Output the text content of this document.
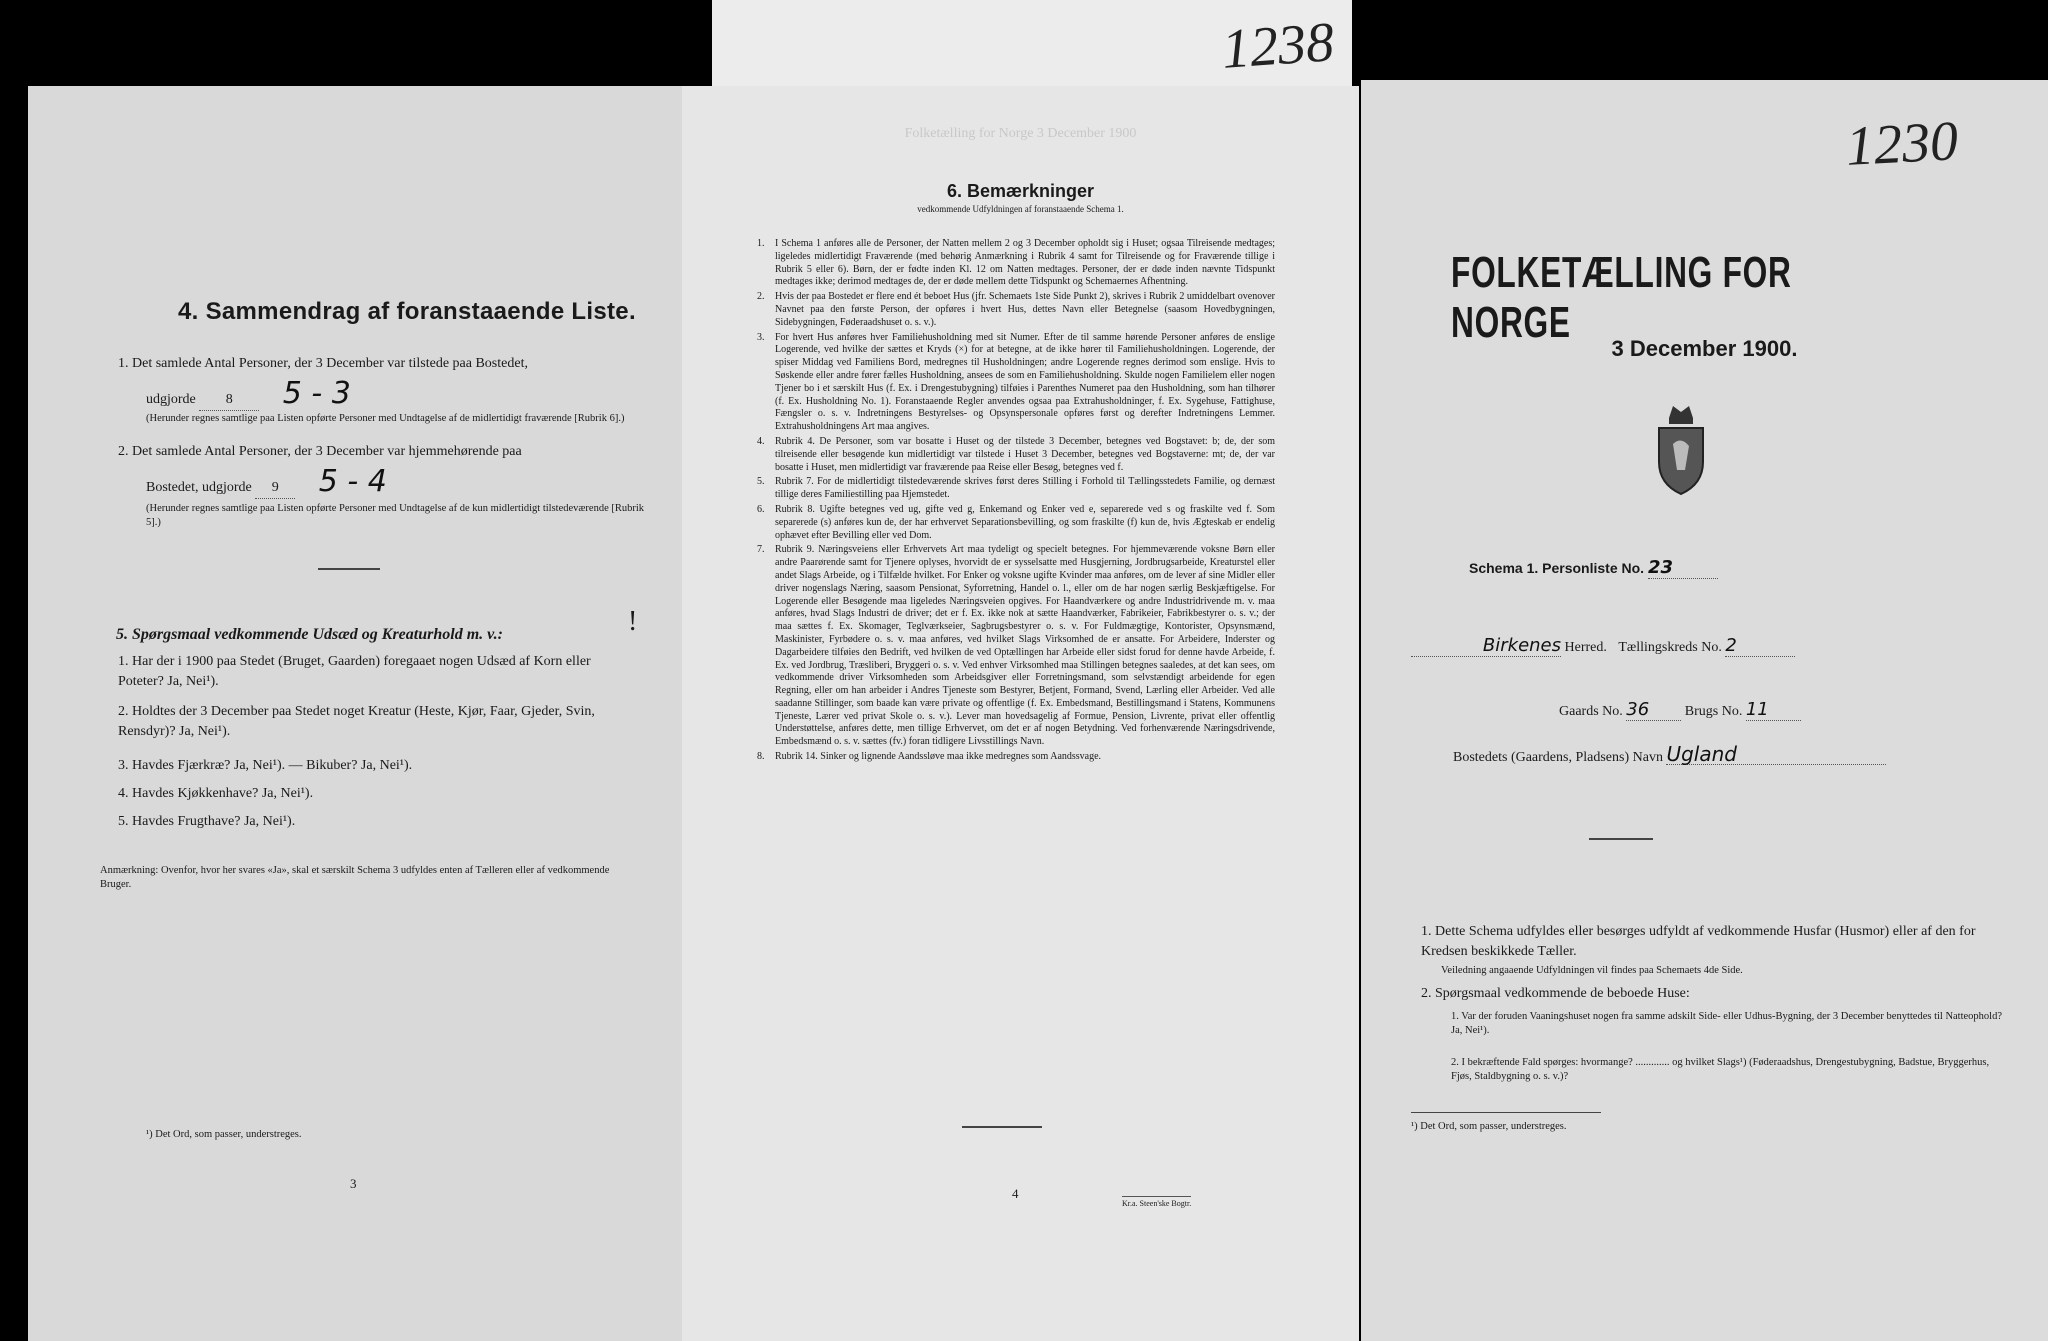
1238
4. Sammendrag af foranstaaende Liste.
1. Det samlede Antal Personer, der 3 December var tilstede paa Bostedet,
udgjorde 8 5 - 3
(Herunder regnes samtlige paa Listen opførte Personer med Undtagelse af de midlertidigt fraværende [Rubrik 6].)
2. Det samlede Antal Personer, der 3 December var hjemmehørende paa
Bostedet, udgjorde 9 5 - 4
(Herunder regnes samtlige paa Listen opførte Personer med Undtagelse af de kun midlertidigt tilstedeværende [Rubrik 5].)
5. Spørgsmaal vedkommende Udsæd og Kreaturhold m. v.:	!
1. Har der i 1900 paa Stedet (Bruget, Gaarden) foregaaet nogen Udsæd af Korn eller Poteter? Ja, Nei¹).
2. Holdtes der 3 December paa Stedet noget Kreatur (Heste, Kjør, Faar, Gjeder, Svin, Rensdyr)? Ja, Nei¹).
3. Havdes Fjærkræ? Ja, Nei¹). — Bikuber? Ja, Nei¹).
4. Havdes Kjøkkenhave? Ja, Nei¹).
5. Havdes Frugthave? Ja, Nei¹).
Anmærkning: Ovenfor, hvor her svares «Ja», skal et særskilt Schema 3 udfyldes enten af Tælleren eller af vedkommende Bruger.
¹) Det Ord, som passer, understreges.
3
Folketælling for Norge 3 December 1900
6. Bemærkninger
vedkommende Udfyldningen af foranstaaende Schema 1.
1. I Schema 1 anføres alle de Personer, der Natten mellem 2 og 3 December opholdt sig i Huset; ogsaa Tilreisende medtages; ligeledes midlertidigt Fraværende (med behørig Anmærkning i Rubrik 4 samt for Tilreisende og for Fraværende tillige i Rubrik 5 eller 6). Børn, der er fødte inden Kl. 12 om Natten medtages. Personer, der er døde inden nævnte Tidspunkt medtages ikke; derimod medtages de, der er døde mellem dette Tidspunkt og Schemaernes Afhentning.
2. Hvis der paa Bostedet er flere end ét beboet Hus (jfr. Schemaets 1ste Side Punkt 2), skrives i Rubrik 2 umiddelbart ovenover Navnet paa den første Person, der opføres i hvert Hus, dettes Navn eller Betegnelse (saasom Hovedbygningen, Sidebygningen, Føderaadshuset o. s. v.).
3. For hvert Hus anføres hver Familiehusholdning med sit Numer. Efter de til samme hørende Personer anføres de enslige Logerende, ved hvilke der sættes et Kryds (×) for at betegne, at de ikke hører til Familiehusholdningen. Logerende, der spiser Middag ved Familiens Bord, medregnes til Husholdningen; andre Logerende regnes derimod som enslige. Hvis to Søskende eller andre fører fælles Husholdning, ansees de som en Familiehusholdning. Skulde nogen Familielem eller nogen Tjener bo i et særskilt Hus (f. Ex. i Drengestubygning) tilføies i Parenthes Numeret paa den Husholdning, som han tilhører (f. Ex. Husholdning No. 1). Foranstaaende Regler anvendes ogsaa paa Extrahusholdninger, f. Ex. Sygehuse, Fattighuse, Fængsler o. s. v. Indretningens Bestyrelses- og Opsynspersonale opføres først og derefter Indretningens Lemmer. Extrahusholdningens Art maa angives.
4. Rubrik 4. De Personer, som var bosatte i Huset og der tilstede 3 December, betegnes ved Bogstavet: b; de, der som tilreisende eller besøgende kun midlertidigt var tilstede i Huset 3 December, betegnes ved Bogstaverne: mt; de, der var bosatte i Huset, men midlertidigt var fraværende paa Reise eller Besøg, betegnes ved f.
5. Rubrik 7. For de midlertidigt tilstedeværende skrives først deres Stilling i Forhold til Tællingsstedets Familie, og dernæst tillige deres Familiestilling paa Hjemstedet.
6. Rubrik 8. Ugifte betegnes ved ug, gifte ved g, Enkemand og Enker ved e, separerede ved s og fraskilte ved f. Som separerede (s) anføres kun de, der har erhvervet Separationsbevilling, og som fraskilte (f) kun de, hvis Ægteskab er endelig ophævet efter Bevilling eller ved Dom.
7. Rubrik 9. Næringsveiens eller Erhvervets Art maa tydeligt og specielt betegnes. For hjemmeværende voksne Børn eller andre Paarørende samt for Tjenere oplyses, hvorvidt de er sysselsatte med Husgjerning, Jordbrugsarbeide, Kreaturstel eller andet Slags Arbeide, og i Tilfælde hvilket. For Enker og voksne ugifte Kvinder maa anføres, om de lever af sine Midler eller driver nogenslags Næring, saasom Pensionat, Syforretning, Handel o. l., eller om de har nogen særlig Beskjæftigelse. For Logerende eller Besøgende maa ligeledes Næringsveien opgives. For Haandværkere og andre Industridrivende m. v. maa anføres, hvad Slags Industri de driver; det er f. Ex. ikke nok at sætte Haandværker, Fabrikeier, Fabrikbestyrer o. s. v.; der maa sættes f. Ex. Skomager, Teglværkseier, Sagbrugsbestyrer o. s. v. For Fuldmægtige, Kontorister, Opsynsmænd, Maskinister, Fyrbødere o. s. v. maa anføres, ved hvilket Slags Virksomhed de er ansatte. For Arbeidere, Inderster og Dagarbeidere tilføies den Bedrift, ved hvilken de ved Optællingen har Arbeide eller sidst forud for denne havde Arbeide, f. Ex. ved Jordbrug, Træsliberi, Bryggeri o. s. v. Ved enhver Virksomhed maa Stillingen betegnes saaledes, at det kan sees, om vedkommende driver Virksomheden som Arbeidsgiver eller Forretningsmand, som selvstændigt arbeidende for egen Regning, eller om han arbeider i Andres Tjeneste som Bestyrer, Betjent, Formand, Svend, Lærling eller Arbeider. Ved alle saadanne Stillinger, som baade kan være private og offentlige (f. Ex. Embedsmand, Bestillingsmand i Statens, Kommunens Tjeneste, Lærer ved privat Skole o. s. v.). Lever man hovedsagelig af Formue, Pension, Livrente, privat eller offentlig Understøttelse, anføres dette, men tillige Erhvervet, om det er af nogen Betydning. Ved forhenværende Næringsdrivende, Embedsmænd o. s. v. sættes (fv.) foran tidligere Livsstillings Navn.
8. Rubrik 14. Sinker og lignende Aandssløve maa ikke medregnes som Aandssvage.
4
Kr.a. Steen'ske Bogtr.
FOLKETÆLLING FOR NORGE
3 December 1900.
Schema 1. Personliste No. 23
Birkenes Herred. Tællingskreds No. 2
Gaards No. 36	Brugs No. 11
Bostedets (Gaardens, Pladsens) Navn Ugland
1. Dette Schema udfyldes eller besørges udfyldt af vedkommende Husfar (Husmor) eller af den for Kredsen beskikkede Tæller.
Veiledning angaaende Udfyldningen vil findes paa Schemaets 4de Side.
2. Spørgsmaal vedkommende de beboede Huse:
1. Var der foruden Vaaningshuset nogen fra samme adskilt Side- eller Udhus-Bygning, der 3 December benyttedes til Natteophold? Ja, Nei¹).
2. I bekræftende Fald spørges: hvormange? ............. og hvilket Slags¹) (Føderaadshus, Drengestubygning, Badstue, Bryggerhus, Fjøs, Staldbygning o. s. v.)?
¹) Det Ord, som passer, understreges.
1230
